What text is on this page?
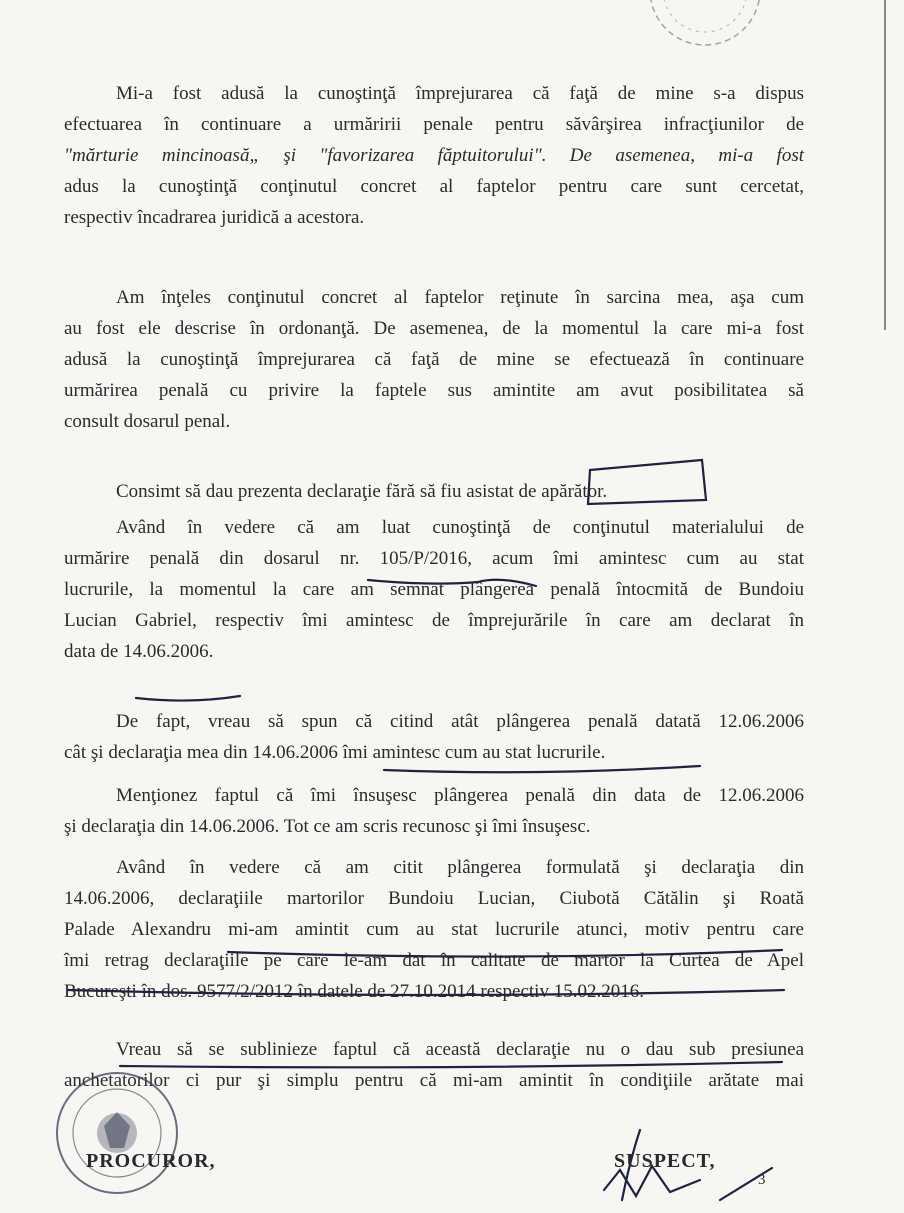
Mi-a fost adusă la cunoştinţă împrejurarea că faţă de mine s-a dispus
efectuarea în continuare a urmăririi penale pentru săvârşirea infracţiunilor de
"mărturie mincinoasă„ şi "favorizarea făptuitorului". De asemenea, mi-a fost
adus la cunoştinţă conţinutul concret al faptelor pentru care sunt cercetat,
respectiv încadrarea juridică a acestora.
Am înţeles conţinutul concret al faptelor reţinute în sarcina mea, aşa cum
au fost ele descrise în ordonanţă. De asemenea, de la momentul la care mi-a fost
adusă la cunoştinţă împrejurarea că faţă de mine se efectuează în continuare
urmărirea penală cu privire la faptele sus amintite am avut posibilitatea să
consult dosarul penal.
Consimt să dau prezenta declaraţie fără să fiu asistat de apărător.
Având în vedere că am luat cunoştinţă de conţinutul materialului de
urmărire penală din dosarul nr. 105/P/2016, acum îmi amintesc cum au stat
lucrurile, la momentul la care am semnat plângerea penală întocmită de Bundoiu
Lucian Gabriel, respectiv îmi amintesc de împrejurările în care am declarat în
data de 14.06.2006.
De fapt, vreau să spun că citind atât plângerea penală datată 12.06.2006
cât şi declaraţia mea din 14.06.2006 îmi amintesc cum au stat lucrurile.
Menţionez faptul că îmi însuşesc plângerea penală din data de 12.06.2006
şi declaraţia din 14.06.2006. Tot ce am scris recunosc şi îmi însuşesc.
Având în vedere că am citit plângerea formulată şi declaraţia din
14.06.2006, declaraţiile martorilor Bundoiu Lucian, Ciubotă Cătălin şi Roată
Palade Alexandru mi-am amintit cum au stat lucrurile atunci, motiv pentru care
îmi retrag declaraţiile pe care le-am dat în calitate de martor la Curtea de Apel
Bucureşti în dos. 9577/2/2012 în datele de 27.10.2014 respectiv 15.02.2016.
Vreau să se sublinieze faptul că această declaraţie nu o dau sub presiunea
anchetatorilor ci pur şi simplu pentru că mi-am amintit în condiţiile arătate mai
PROCUROR,	SUSPECT,
3
